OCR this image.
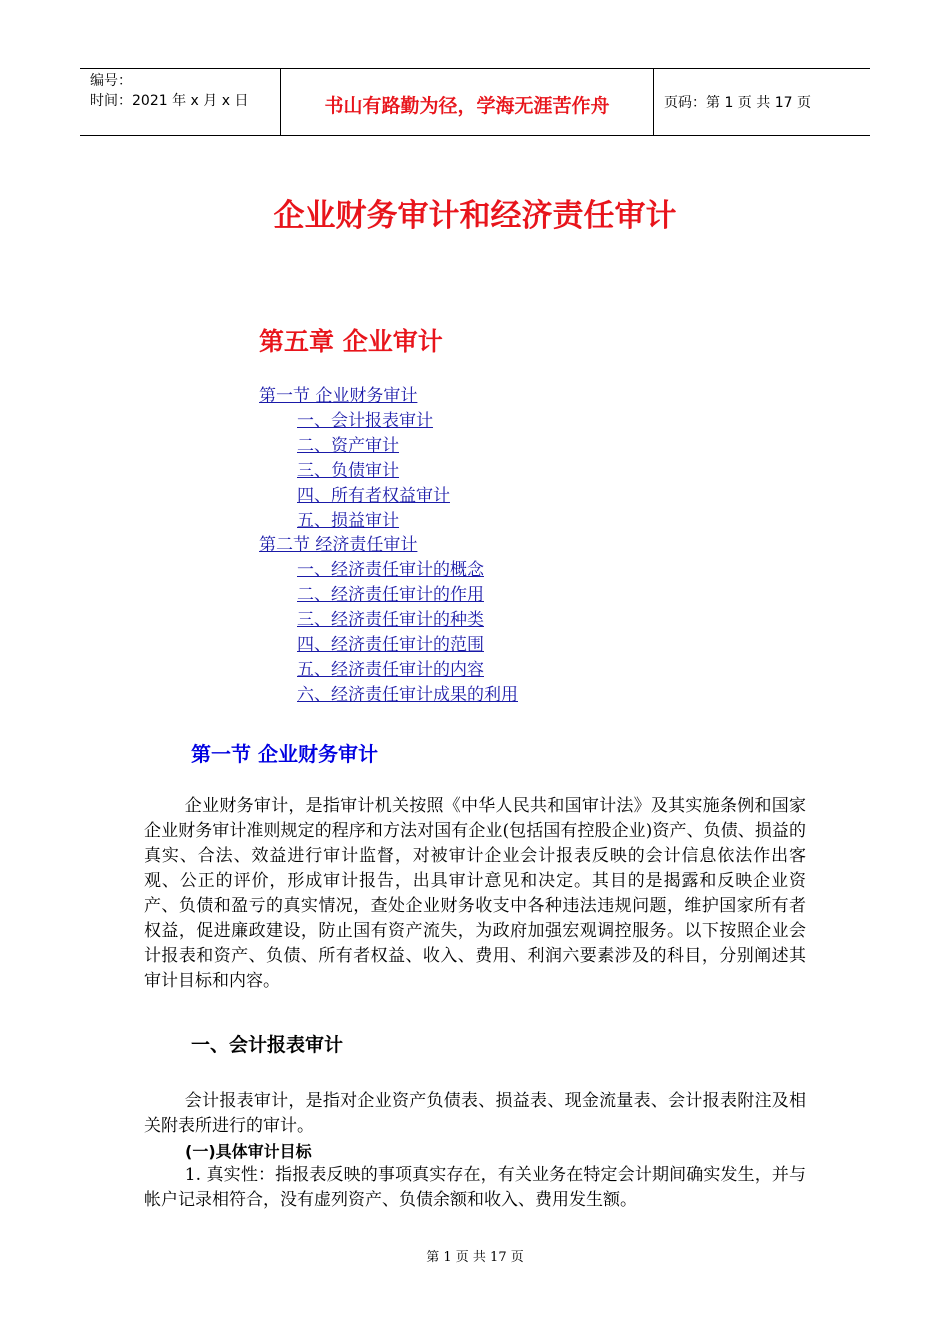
编号：
时间：2021 年 x 月 x 日	书山有路勤为径，学海无涯苦作舟	页码：第 1 页 共 17 页
企业财务审计和经济责任审计
第五章 企业审计
第一节 企业财务审计
一、会计报表审计
二、资产审计
三、负债审计
四、所有者权益审计
五、损益审计
第二节 经济责任审计
一、经济责任审计的概念
二、经济责任审计的作用
三、经济责任审计的种类
四、经济责任审计的范围
五、经济责任审计的内容
六、经济责任审计成果的利用
第一节 企业财务审计

企业财务审计，是指审计机关按照《中华人民共和国审计法》及其实施条例和国家企业财务审计准则规定的程序和方法对国有企业(包括国有控股企业)资产、负债、损益的真实、合法、效益进行审计监督，对被审计企业会计报表反映的会计信息依法作出客观、公正的评价，形成审计报告，出具审计意见和决定。其目的是揭露和反映企业资产、负债和盈亏的真实情况，查处企业财务收支中各种违法违规问题，维护国家所有者权益，促进廉政建设，防止国有资产流失，为政府加强宏观调控服务。以下按照企业会计报表和资产、负债、所有者权益、收入、费用、利润六要素涉及的科目，分别阐述其审计目标和内容。

一、会计报表审计

会计报表审计，是指对企业资产负债表、损益表、现金流量表、会计报表附注及相关附表所进行的审计。

(一)具体审计目标

1. 真实性：指报表反映的事项真实存在，有关业务在特定会计期间确实发生，并与帐户记录相符合，没有虚列资产、负债余额和收入、费用发生额。

第 1 页 共 17 页
